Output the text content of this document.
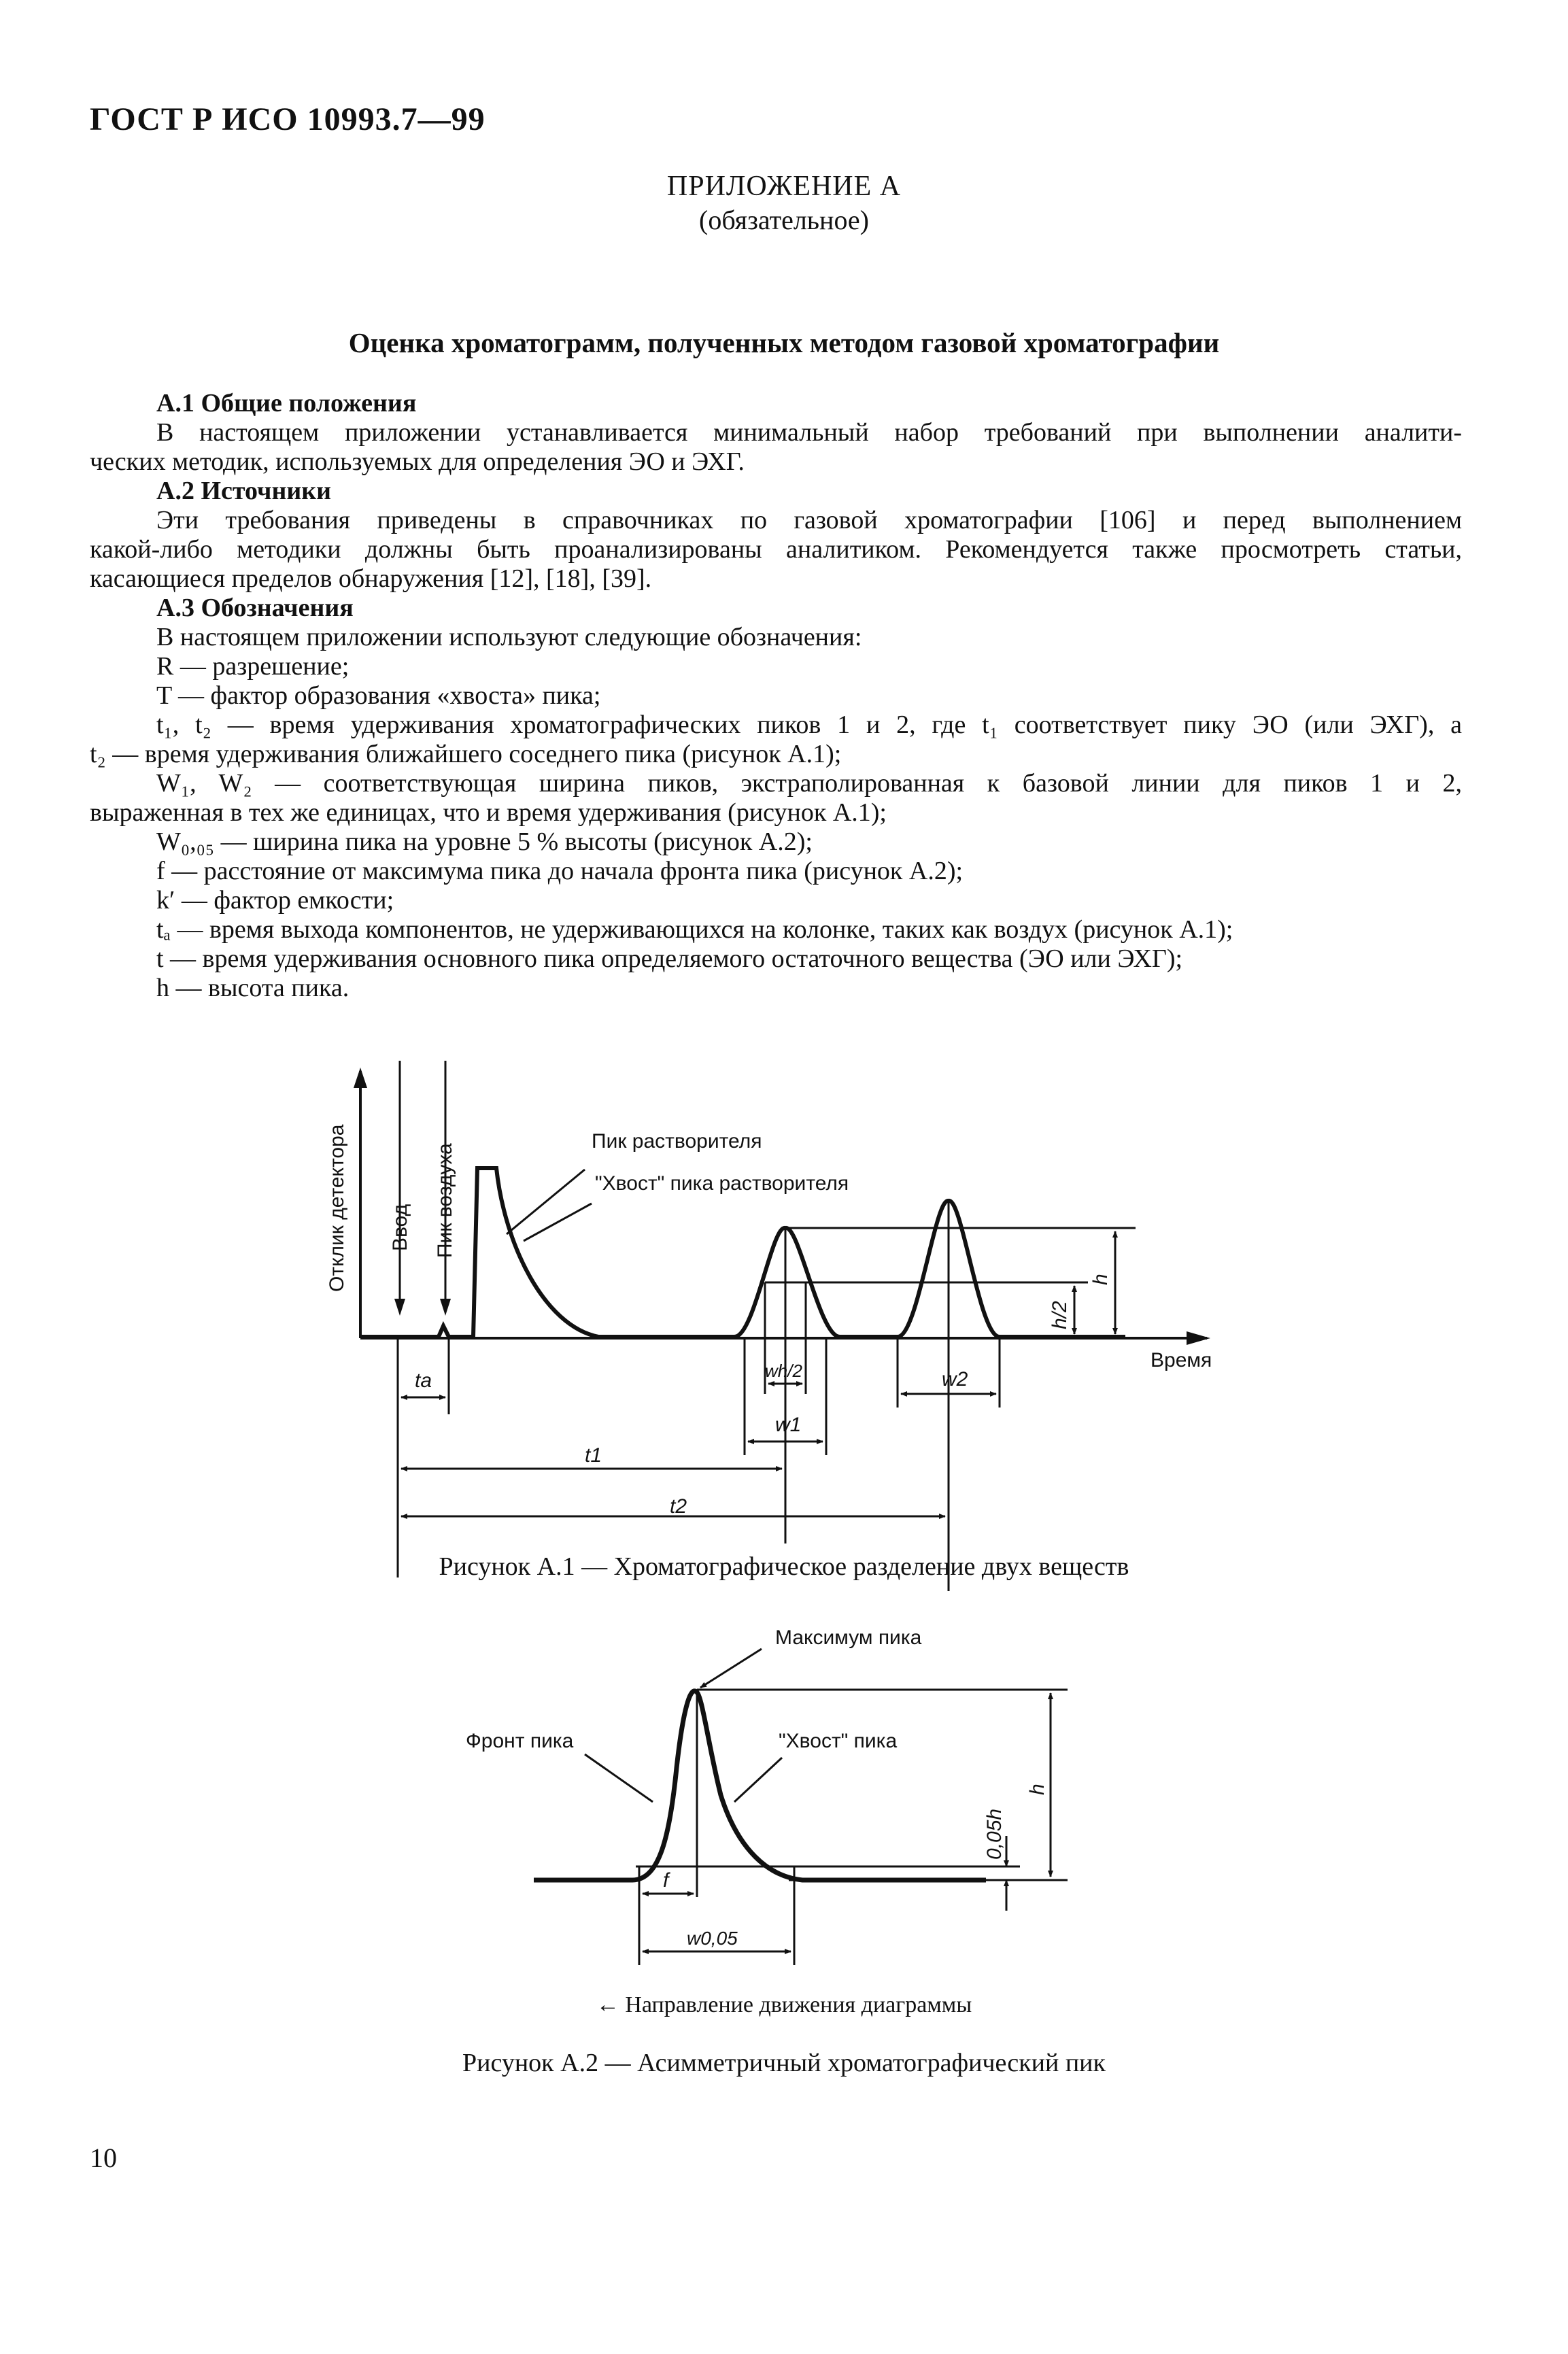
ГОСТ Р ИСО 10993.7—99
ПРИЛОЖЕНИЕ А
(обязательное)
Оценка хроматограмм, полученных методом газовой хроматографии
А.1 Общие положения
В настоящем приложении устанавливается минимальный набор требований при выполнении аналити-
ческих методик, используемых для определения ЭО и ЭХГ.
А.2 Источники
Эти требования приведены в справочниках по газовой хроматографии [106] и перед выполнением
какой-либо методики должны быть проанализированы аналитиком. Рекомендуется также просмотреть статьи,
касающиеся пределов обнаружения [12], [18], [39].
А.3 Обозначения
В настоящем приложении используют следующие обозначения:
R — разрешение;
T — фактор образования «хвоста» пика;
t₁, t₂ — время удерживания хроматографических пиков 1 и 2, где t₁ соответствует пику ЭО (или ЭХГ), а
t₂ — время удерживания ближайшего соседнего пика (рисунок А.1);
W₁, W₂ — соответствующая ширина пиков, экстраполированная к базовой линии для пиков 1 и 2,
выраженная в тех же единицах, что и время удерживания (рисунок А.1);
W₀,₀₅ — ширина пика на уровне 5 % высоты (рисунок А.2);
f — расстояние от максимума пика до начала фронта пика (рисунок А.2);
k′ — фактор емкости;
tₐ — время выхода компонентов, не удерживающихся на колонке, таких как воздух (рисунок А.1);
t — время удерживания основного пика определяемого остаточного вещества (ЭО или ЭХГ);
h — высота пика.
Отклик детектора Ввод Пик воздуха
Пик растворителя
"Хвост" пика растворителя
Время
ta	wh/2
w1
w2
t1
t2
h/2
h
Максимум пика
Фронт пика	"Хвост" пика
h
0,05h
f
w0,05
Рисунок А.1 — Хроматографическое разделение двух веществ
← Направление движения диаграммы
Рисунок А.2 — Асимметричный хроматографический пик
10
